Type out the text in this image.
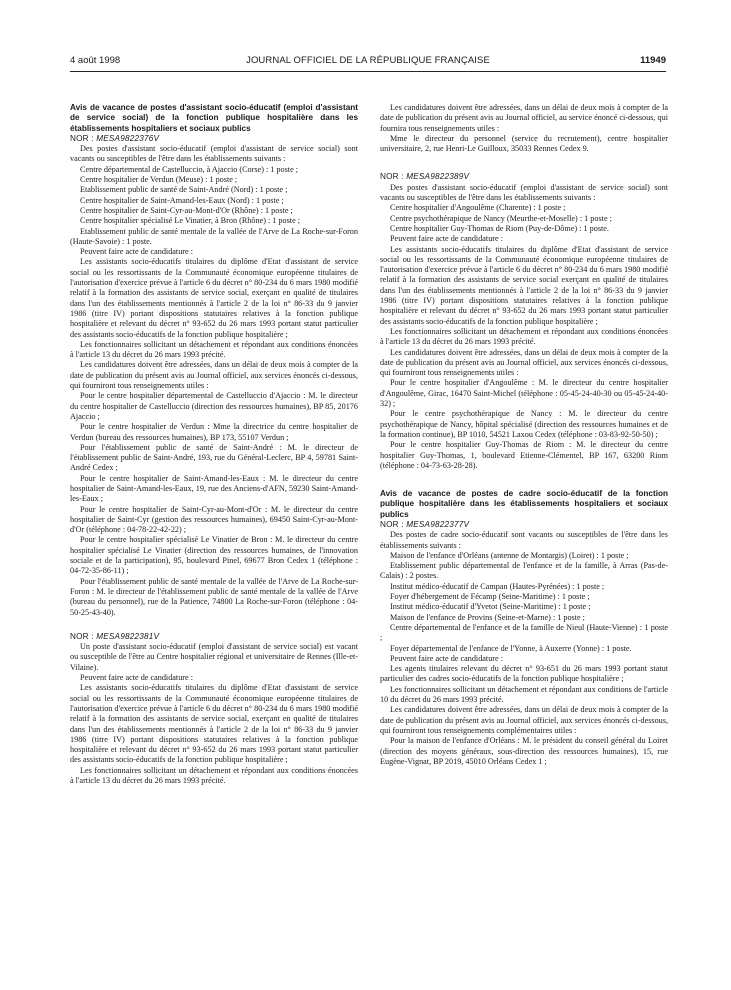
4 août 1998	JOURNAL OFFICIEL DE LA RÉPUBLIQUE FRANÇAISE	11949

Avis de vacance de postes d'assistant socio-éducatif (emploi d'assistant de service social) de la fonction publique hospitalière dans les établissements hospitaliers et sociaux publics

NOR : MESA9822376V

Des postes d'assistant socio-éducatif (emploi d'assistant de service social) sont vacants ou susceptibles de l'être dans les établissements suivants :

Centre départemental de Castelluccio, à Ajaccio (Corse) : 1 poste ;

Centre hospitalier de Verdun (Meuse) : 1 poste ;

Etablissement public de santé de Saint-André (Nord) : 1 poste ;

Centre hospitalier de Saint-Amand-les-Eaux (Nord) : 1 poste ;

Centre hospitalier de Saint-Cyr-au-Mont-d'Or (Rhône) : 1 poste ;

Centre hospitalier spécialisé Le Vinatier, à Bron (Rhône) : 1 poste ;

Etablissement public de santé mentale de la vallée de l'Arve de La Roche-sur-Foron (Haute-Savoie) : 1 poste.

Peuvent faire acte de candidature :

Les assistants socio-éducatifs titulaires du diplôme d'Etat d'assistant de service social ou les ressortissants de la Communauté économique européenne titulaires de l'autorisation d'exercice prévue à l'article 6 du décret n° 80-234 du 6 mars 1980 modifié relatif à la formation des assistants de service social, exerçant en qualité de titulaires dans l'un des établissements mentionnés à l'article 2 de la loi n° 86-33 du 9 janvier 1986 (titre IV) portant dispositions statutaires relatives à la fonction publique hospitalière et relevant du décret n° 93-652 du 26 mars 1993 portant statut particulier des assistants socio-éducatifs de la fonction publique hospitalière ;

Les fonctionnaires sollicitant un détachement et répondant aux conditions énoncées à l'article 13 du décret du 26 mars 1993 précité.

Les candidatures doivent être adressées, dans un délai de deux mois à compter de la date de publication du présent avis au Journal officiel, aux services énoncés ci-dessous, qui fourniront tous renseignements utiles :

Pour le centre hospitalier départemental de Castelluccio d'Ajaccio : M. le directeur du centre hospitalier de Castelluccio (direction des ressources humaines), BP 85, 20176 Ajaccio ;

Pour le centre hospitalier de Verdun : Mme la directrice du centre hospitalier de Verdun (bureau des ressources humaines), BP 173, 55107 Verdun ;

Pour l'établissement public de santé de Saint-André : M. le directeur de l'établissement public de Saint-André, 193, rue du Général-Leclerc, BP 4, 59781 Saint-André Cedex ;

Pour le centre hospitalier de Saint-Amand-les-Eaux : M. le directeur du centre hospitalier de Saint-Amand-les-Eaux, 19, rue des Anciens-d'AFN, 59230 Saint-Amand-les-Eaux ;

Pour le centre hospitalier de Saint-Cyr-au-Mont-d'Or : M. le directeur du centre hospitalier de Saint-Cyr (gestion des ressources humaines), 69450 Saint-Cyr-au-Mont-d'Or (téléphone : 04-78-22-42-22) ;

Pour le centre hospitalier spécialisé Le Vinatier de Bron : M. le directeur du centre hospitalier spécialisé Le Vinatier (direction des ressources humaines, de l'innovation sociale et de la participation), 95, boulevard Pinel, 69677 Bron Cedex 1 (téléphone : 04-72-35-86-11) ;

Pour l'établissement public de santé mentale de la vallée de l'Arve de La Roche-sur-Foron : M. le directeur de l'établissement public de santé mentale de la vallée de l'Arve (bureau du personnel), rue de la Patience, 74800 La Roche-sur-Foron (téléphone : 04-50-25-43-40).

NOR : MESA9822381V

Un poste d'assistant socio-éducatif (emploi d'assistant de service social) est vacant ou susceptible de l'être au Centre hospitalier régional et universitaire de Rennes (Ille-et-Vilaine).

Peuvent faire acte de candidature :

Les assistants socio-éducatifs titulaires du diplôme d'Etat d'assistant de service social ou les ressortissants de la Communauté économique européenne titulaires de l'autorisation d'exercice prévue à l'article 6 du décret n° 80-234 du 6 mars 1980 modifié relatif à la formation des assistants de service social, exerçant en qualité de titulaires dans l'un des établissements mentionnés à l'article 2 de la loi n° 86-33 du 9 janvier 1986 (titre IV) portant dispositions statutaires relatives à la fonction publique hospitalière et relevant du décret n° 93-652 du 26 mars 1993 portant statut particulier des assistants socio-éducatifs de la fonction publique hospitalière ;

Les fonctionnaires sollicitant un détachement et répondant aux conditions énoncées à l'article 13 du décret du 26 mars 1993 précité.

Les candidatures doivent être adressées, dans un délai de deux mois à compter de la date de publication du présent avis au Journal officiel, au service énoncé ci-dessous, qui fournira tous renseignements utiles :

Mme le directeur du personnel (service du recrutement), centre hospitalier universitaire, 2, rue Henri-Le Guilloux, 35033 Rennes Cedex 9.

NOR : MESA9822389V

Des postes d'assistant socio-éducatif (emploi d'assistant de service social) sont vacants ou susceptibles de l'être dans les établissements suivants :

Centre hospitalier d'Angoulême (Charente) : 1 poste ;

Centre psychothérapique de Nancy (Meurthe-et-Moselle) : 1 poste ;

Centre hospitalier Guy-Thomas de Riom (Puy-de-Dôme) : 1 poste.

Peuvent faire acte de candidature :

Les assistants socio-éducatifs titulaires du diplôme d'Etat d'assistant de service social ou les ressortissants de la Communauté économique européenne titulaires de l'autorisation d'exercice prévue à l'article 6 du décret n° 80-234 du 6 mars 1980 modifié relatif à la formation des assistants de service social exerçant en qualité de titulaires dans l'un des établissements mentionnés à l'article 2 de la loi n° 86-33 du 9 janvier 1986 (titre IV) portant dispositions statutaires relatives à la fonction publique hospitalière et relevant du décret n° 93-652 du 26 mars 1993 portant statut particulier des assistants socio-éducatifs de la fonction publique hospitalière ;

Les fonctionnaires sollicitant un détachement et répondant aux conditions énoncées à l'article 13 du décret du 26 mars 1993 précité.

Les candidatures doivent être adressées, dans un délai de deux mois à compter de la date de publication du présent avis au Journal officiel, aux services énoncés ci-dessous, qui fourniront tous renseignements utiles :

Pour le centre hospitalier d'Angoulême : M. le directeur du centre hospitalier d'Angoulême, Girac, 16470 Saint-Michel (téléphone : 05-45-24-40-30 ou 05-45-24-40-32) ;

Pour le centre psychothérapique de Nancy : M. le directeur du centre psychothérapique de Nancy, hôpital spécialisé (direction des ressources humaines et de la formation continue), BP 1010, 54521 Laxou Cedex (téléphone : 03-83-92-50-50) ;

Pour le centre hospitalier Guy-Thomas de Riom : M. le directeur du centre hospitalier Guy-Thomas, 1, boulevard Etienne-Clémentel, BP 167, 63200 Riom (téléphone : 04-73-63-28-28).

Avis de vacance de postes de cadre socio-éducatif de la fonction publique hospitalière dans les établissements hospitaliers et sociaux publics

NOR : MESA9822377V

Des postes de cadre socio-éducatif sont vacants ou susceptibles de l'être dans les établissements suivants :

Maison de l'enfance d'Orléans (antenne de Montargis) (Loiret) : 1 poste ;

Etablissement public départemental de l'enfance et de la famille, à Arras (Pas-de-Calais) : 2 postes.

Institut médico-éducatif de Campan (Hautes-Pyrénées) : 1 poste ;

Foyer d'hébergement de Fécamp (Seine-Maritime) : 1 poste ;

Institut médico-éducatif d'Yvetot (Seine-Maritime) : 1 poste ;

Maison de l'enfance de Provins (Seine-et-Marne) : 1 poste ;

Centre départemental de l'enfance et de la famille de Nieul (Haute-Vienne) : 1 poste ;

Foyer départemental de l'enfance de l'Yonne, à Auxerre (Yonne) : 1 poste.

Peuvent faire acte de candidature :

Les agents titulaires relevant du décret n° 93-651 du 26 mars 1993 portant statut particulier des cadres socio-éducatifs de la fonction publique hospitalière ;

Les fonctionnaires sollicitant un détachement et répondant aux conditions de l'article 10 du décret du 26 mars 1993 précité.

Les candidatures doivent être adressées, dans un délai de deux mois à compter de la date de publication du présent avis au Journal officiel, aux services énoncés ci-dessous, qui fourniront tous renseignements complémentaires utiles :

Pour la maison de l'enfance d'Orléans : M. le président du conseil général du Loiret (direction des moyens généraux, sous-direction des ressources humaines), 15, rue Eugène-Vignat, BP 2019, 45010 Orléans Cedex 1 ;
